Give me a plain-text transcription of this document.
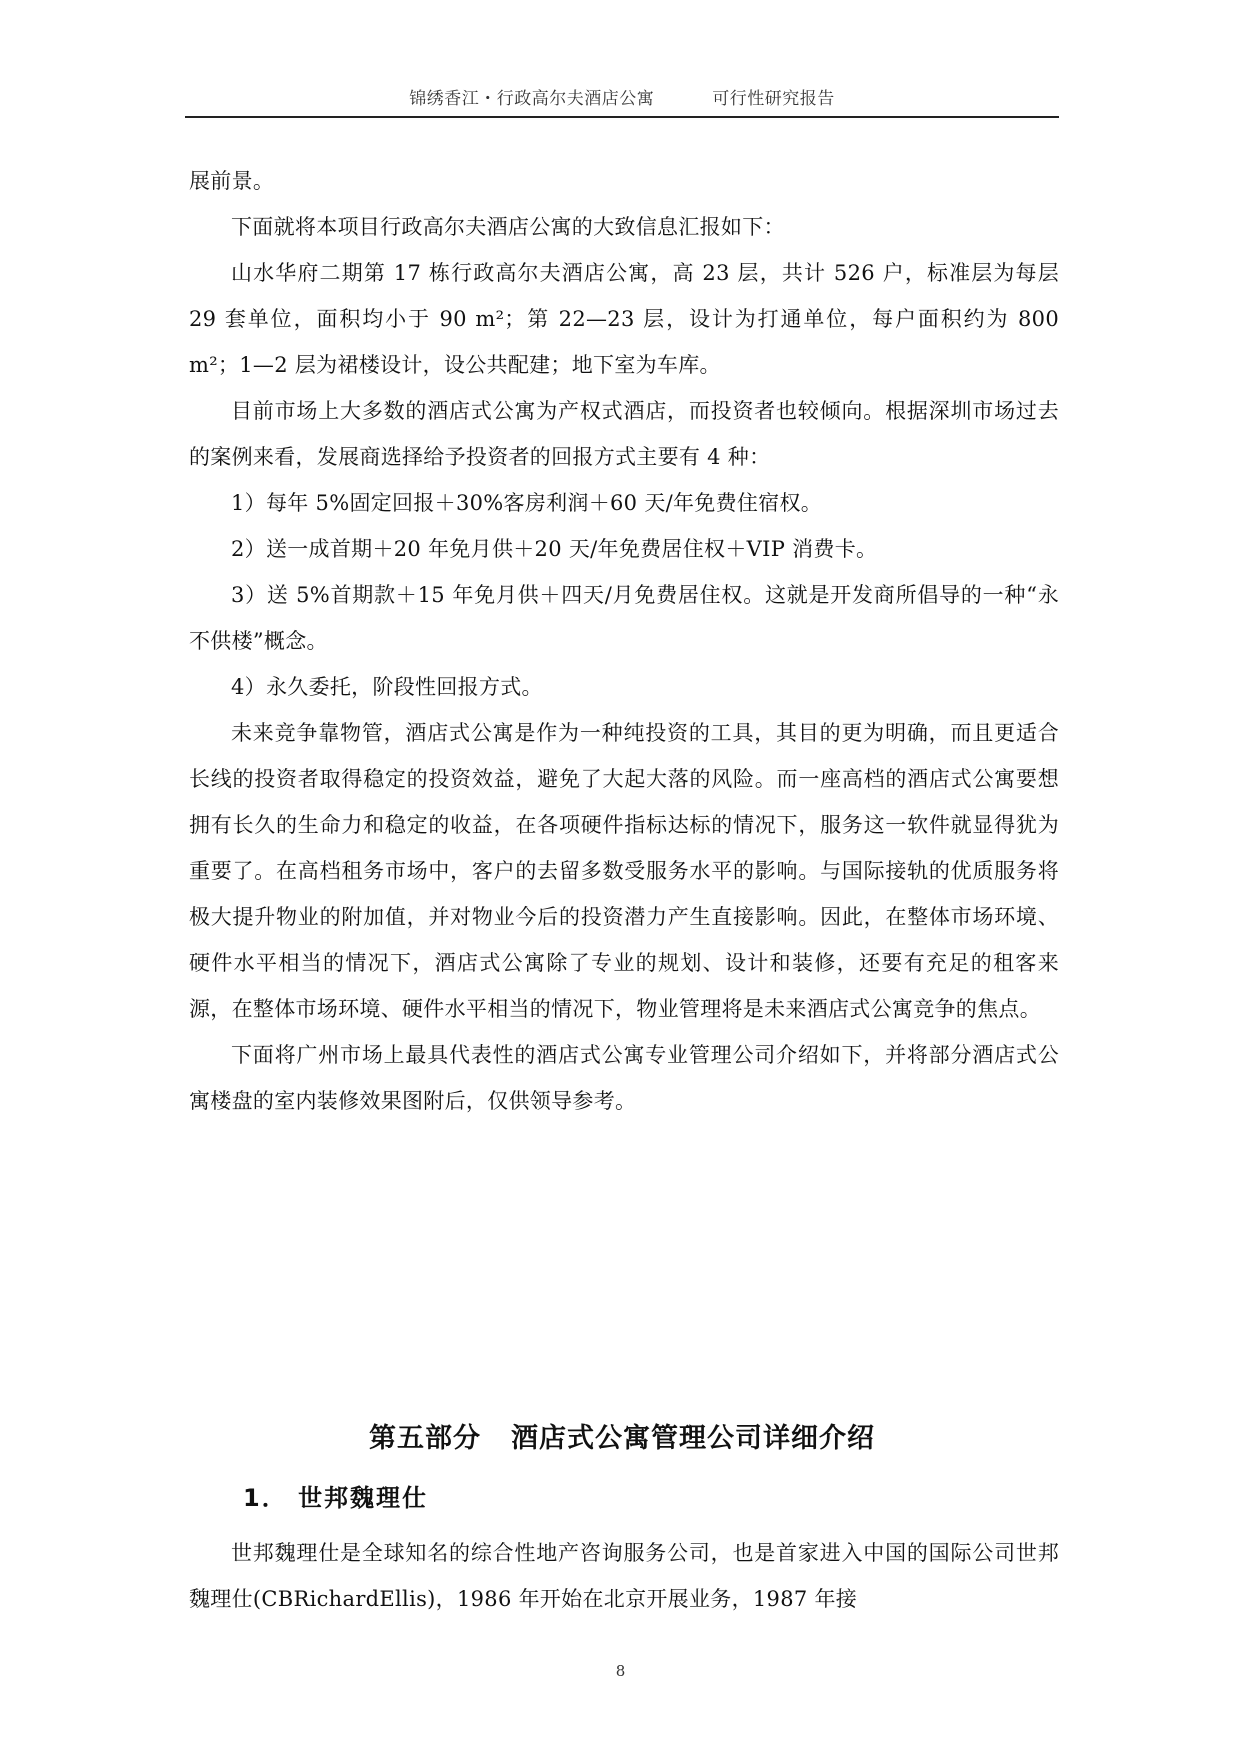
锦绣香江・行政高尔夫酒店公寓	可行性研究报告

展前景。

下面就将本项目行政高尔夫酒店公寓的大致信息汇报如下：

山水华府二期第 17 栋行政高尔夫酒店公寓，高 23 层，共计 526 户，标准层为每层 29 套单位，面积均小于 90 m²；第 22—23 层，设计为打通单位，每户面积约为 800 m²；1—2 层为裙楼设计，设公共配建；地下室为车库。

目前市场上大多数的酒店式公寓为产权式酒店，而投资者也较倾向。根据深圳市场过去的案例来看，发展商选择给予投资者的回报方式主要有 4 种：

1）每年 5%固定回报＋30%客房利润＋60 天/年免费住宿权。

2）送一成首期＋20 年免月供＋20 天/年免费居住权＋VIP 消费卡。

3）送 5%首期款＋15 年免月供＋四天/月免费居住权。这就是开发商所倡导的一种“永不供楼”概念。

4）永久委托，阶段性回报方式。

未来竞争靠物管，酒店式公寓是作为一种纯投资的工具，其目的更为明确，而且更适合长线的投资者取得稳定的投资效益，避免了大起大落的风险。而一座高档的酒店式公寓要想拥有长久的生命力和稳定的收益，在各项硬件指标达标的情况下，服务这一软件就显得犹为重要了。在高档租务市场中，客户的去留多数受服务水平的影响。与国际接轨的优质服务将极大提升物业的附加值，并对物业今后的投资潜力产生直接影响。因此，在整体市场环境、硬件水平相当的情况下，酒店式公寓除了专业的规划、设计和装修，还要有充足的租客来源，在整体市场环境、硬件水平相当的情况下，物业管理将是未来酒店式公寓竞争的焦点。

下面将广州市场上最具代表性的酒店式公寓专业管理公司介绍如下，并将部分酒店式公寓楼盘的室内装修效果图附后，仅供领导参考。

第五部分 酒店式公寓管理公司详细介绍
1． 世邦魏理仕

世邦魏理仕是全球知名的综合性地产咨询服务公司，也是首家进入中国的国际公司世邦魏理仕(CBRichardEllis)，1986 年开始在北京开展业务，1987 年接

8
